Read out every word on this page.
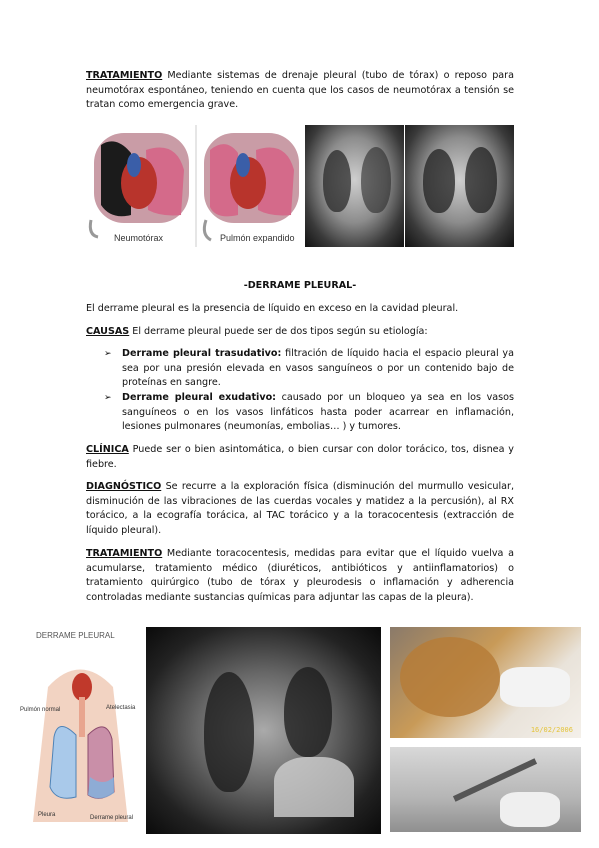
TRATAMIENTO Mediante sistemas de drenaje pleural (tubo de tórax) o reposo para neumotórax espontáneo, teniendo en cuenta que los casos de neumotórax a tensión se tratan como emergencia grave.

Neumotórax	Pulmón expandido

-DERRAME PLEURAL-

El derrame pleural es la presencia de líquido en exceso en la cavidad pleural.

CAUSAS El derrame pleural puede ser de dos tipos según su etiología:

➢	Derrame pleural trasudativo: filtración de líquido hacia el espacio pleural ya sea por una presión elevada en vasos sanguíneos o por un contenido bajo de proteínas en sangre.
➢	Derrame pleural exudativo: causado por un bloqueo ya sea en los vasos sanguíneos o en los vasos linfáticos hasta poder acarrear en inflamación, lesiones pulmonares (neumonías, embolias… ) y tumores.

CLÍNICA Puede ser o bien asintomática, o bien cursar con dolor torácico, tos, disnea y fiebre.

DIAGNÓSTICO Se recurre a la exploración física (disminución del murmullo vesicular, disminución de las vibraciones de las cuerdas vocales y matidez a la percusión), al RX torácico, a la ecografía torácica, al TAC torácico y a la toracocentesis (extracción de líquido pleural).

TRATAMIENTO Mediante toracocentesis, medidas para evitar que el líquido vuelva a acumularse, tratamiento médico (diuréticos, antibióticos y antiinflamatorios) o tratamiento quirúrgico (tubo de tórax y pleurodesis o inflamación y adherencia controladas mediante sustancias químicas para adjuntar las capas de la pleura).

DERRAME PLEURAL
Pulmón normal	Atelectasia
Pleura	Derrame pleural
16/02/2006
